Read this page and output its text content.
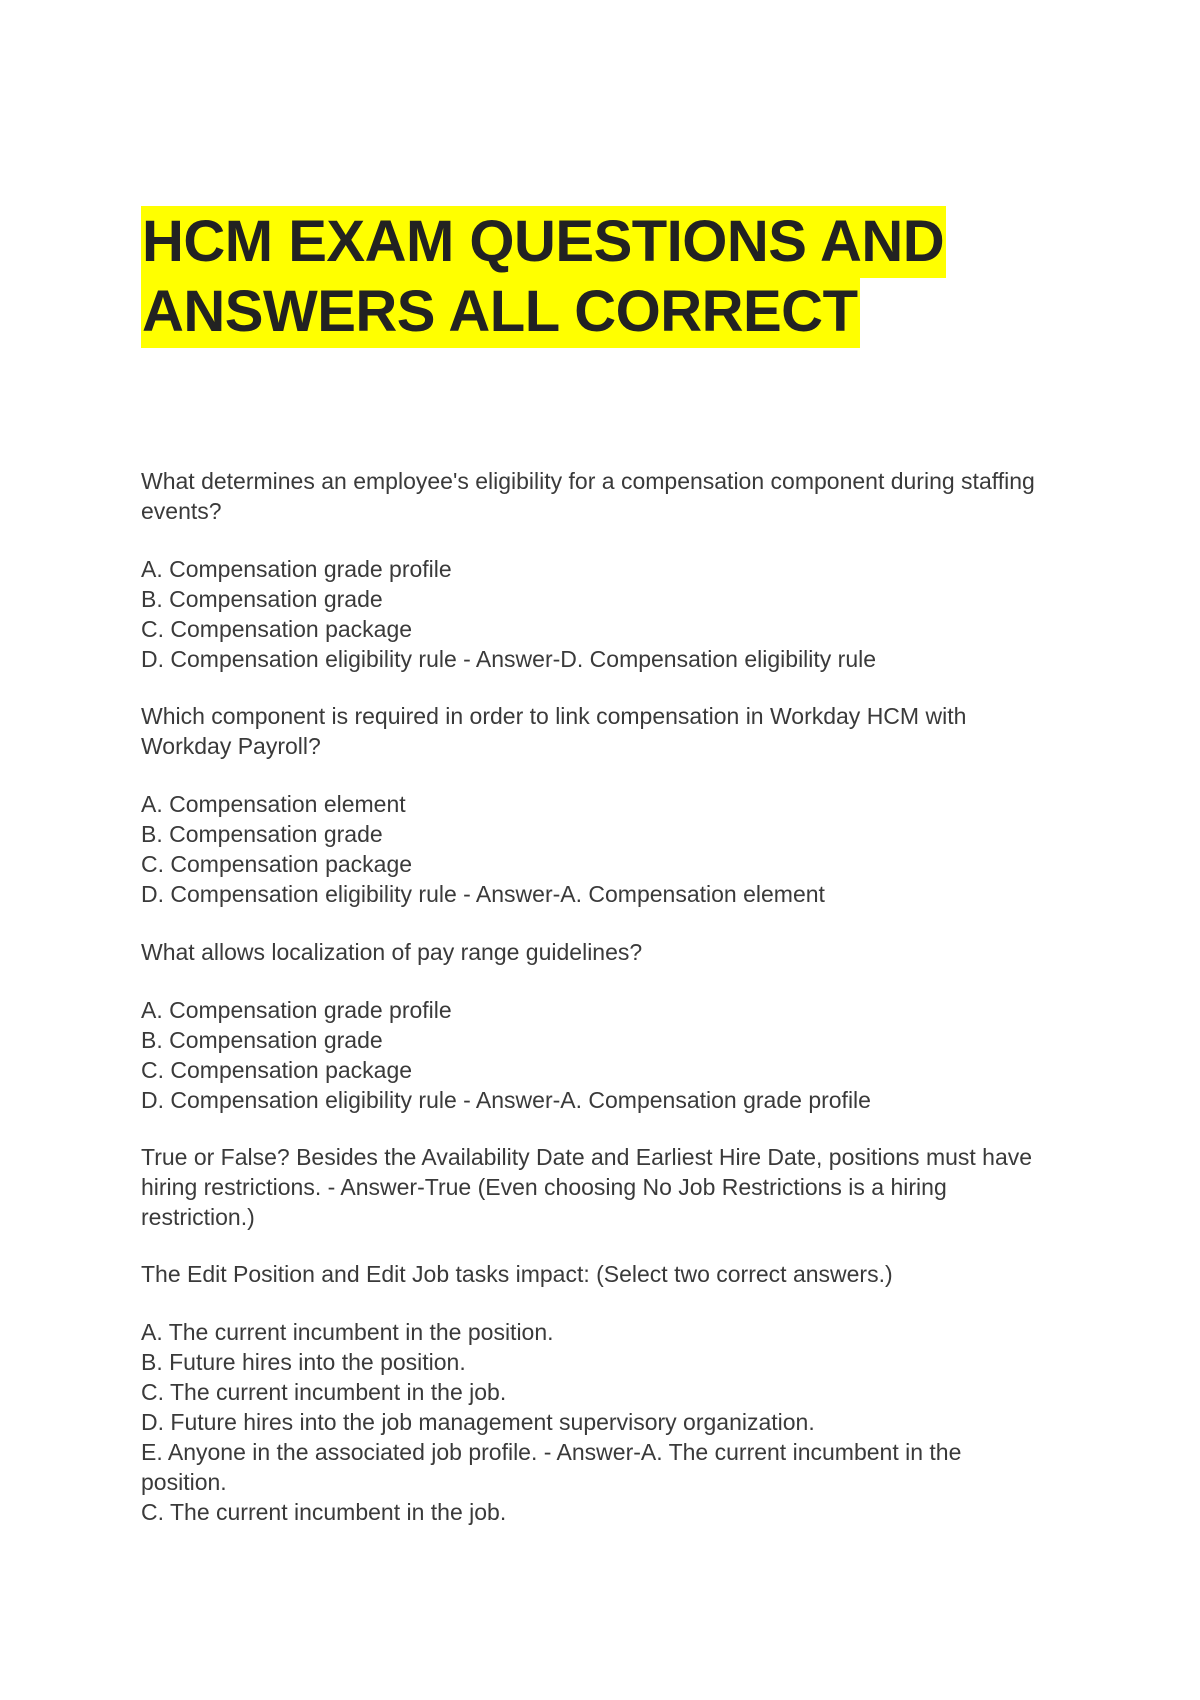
HCM EXAM QUESTIONS AND
ANSWERS ALL CORRECT
What determines an employee's eligibility for a compensation component during staffing
events?
A. Compensation grade profile
B. Compensation grade
C. Compensation package
D. Compensation eligibility rule - Answer-D. Compensation eligibility rule
Which component is required in order to link compensation in Workday HCM with
Workday Payroll?
A. Compensation element
B. Compensation grade
C. Compensation package
D. Compensation eligibility rule - Answer-A. Compensation element
What allows localization of pay range guidelines?
A. Compensation grade profile
B. Compensation grade
C. Compensation package
D. Compensation eligibility rule - Answer-A. Compensation grade profile
True or False? Besides the Availability Date and Earliest Hire Date, positions must have
hiring restrictions. - Answer-True (Even choosing No Job Restrictions is a hiring
restriction.)
The Edit Position and Edit Job tasks impact: (Select two correct answers.)
A. The current incumbent in the position.
B. Future hires into the position.
C. The current incumbent in the job.
D. Future hires into the job management supervisory organization.
E. Anyone in the associated job profile. - Answer-A. The current incumbent in the
position.
C. The current incumbent in the job.
